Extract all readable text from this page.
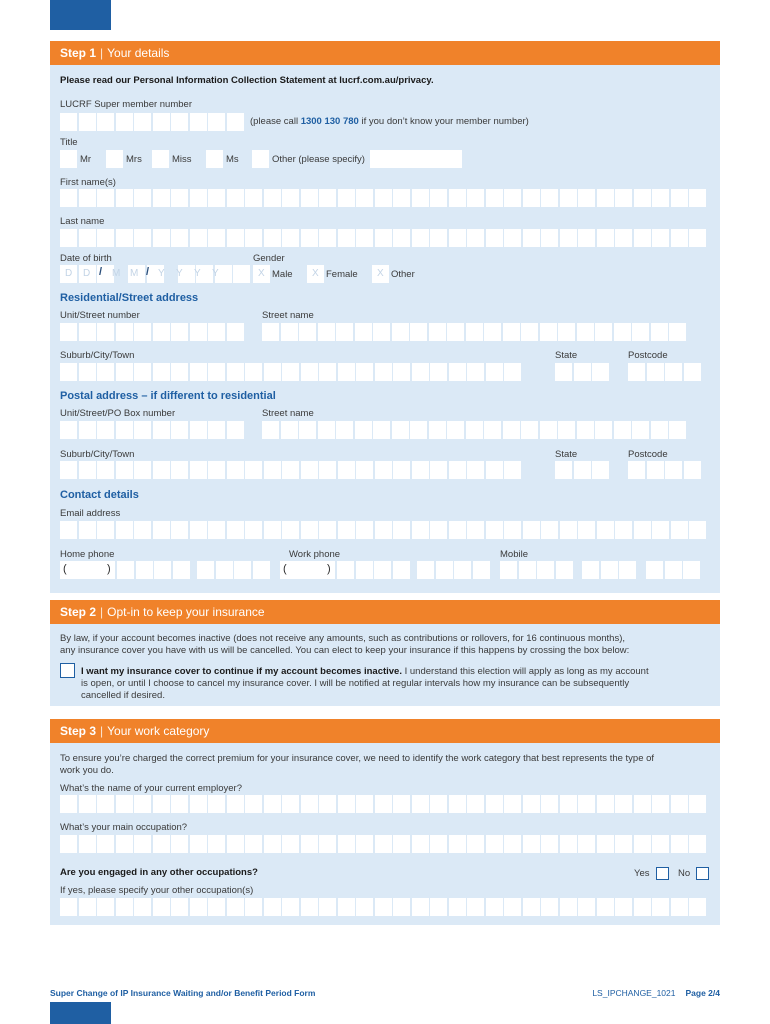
Step 1 | Your details
Please read our Personal Information Collection Statement at lucrf.com.au/privacy.
LUCRF Super member number
(please call 1300 130 780 if you don’t know your member number)
Title
Mr	Mrs	Miss	Ms	Other (please specify)
First name(s)
Last name
Date of birth
D D / M M / Y Y Y Y
Gender
X Male X Female X Other
Residential/Street address
Unit/Street number	Street name
Suburb/City/Town	State	Postcode
Postal address – if different to residential
Unit/Street/PO Box number	Street name
Suburb/City/Town	State	Postcode
Contact details
Email address
Home phone	Work phone	Mobile
(	)	(	)
Step 2 | Opt-in to keep your insurance
By law, if your account becomes inactive (does not receive any amounts, such as contributions or rollovers, for 16 continuous months),
any insurance cover you have with us will be cancelled. You can elect to keep your insurance if this happens by crossing the box below:
I want my insurance cover to continue if my account becomes inactive. I understand this election will apply as long as my account
is open, or until I choose to cancel my insurance cover. I will be notified at regular intervals how my insurance can be subsequently
cancelled if desired.
Step 3 | Your work category
To ensure you’re charged the correct premium for your insurance cover, we need to identify the work category that best represents the type of
work you do.
What’s the name of your current employer?
What’s your main occupation?
Are you engaged in any other occupations?	Yes	No
If yes, please specify your other occupation(s)
Super Change of IP Insurance Waiting and/or Benefit Period Form	LS_IPCHANGE_1021 Page 2/4
